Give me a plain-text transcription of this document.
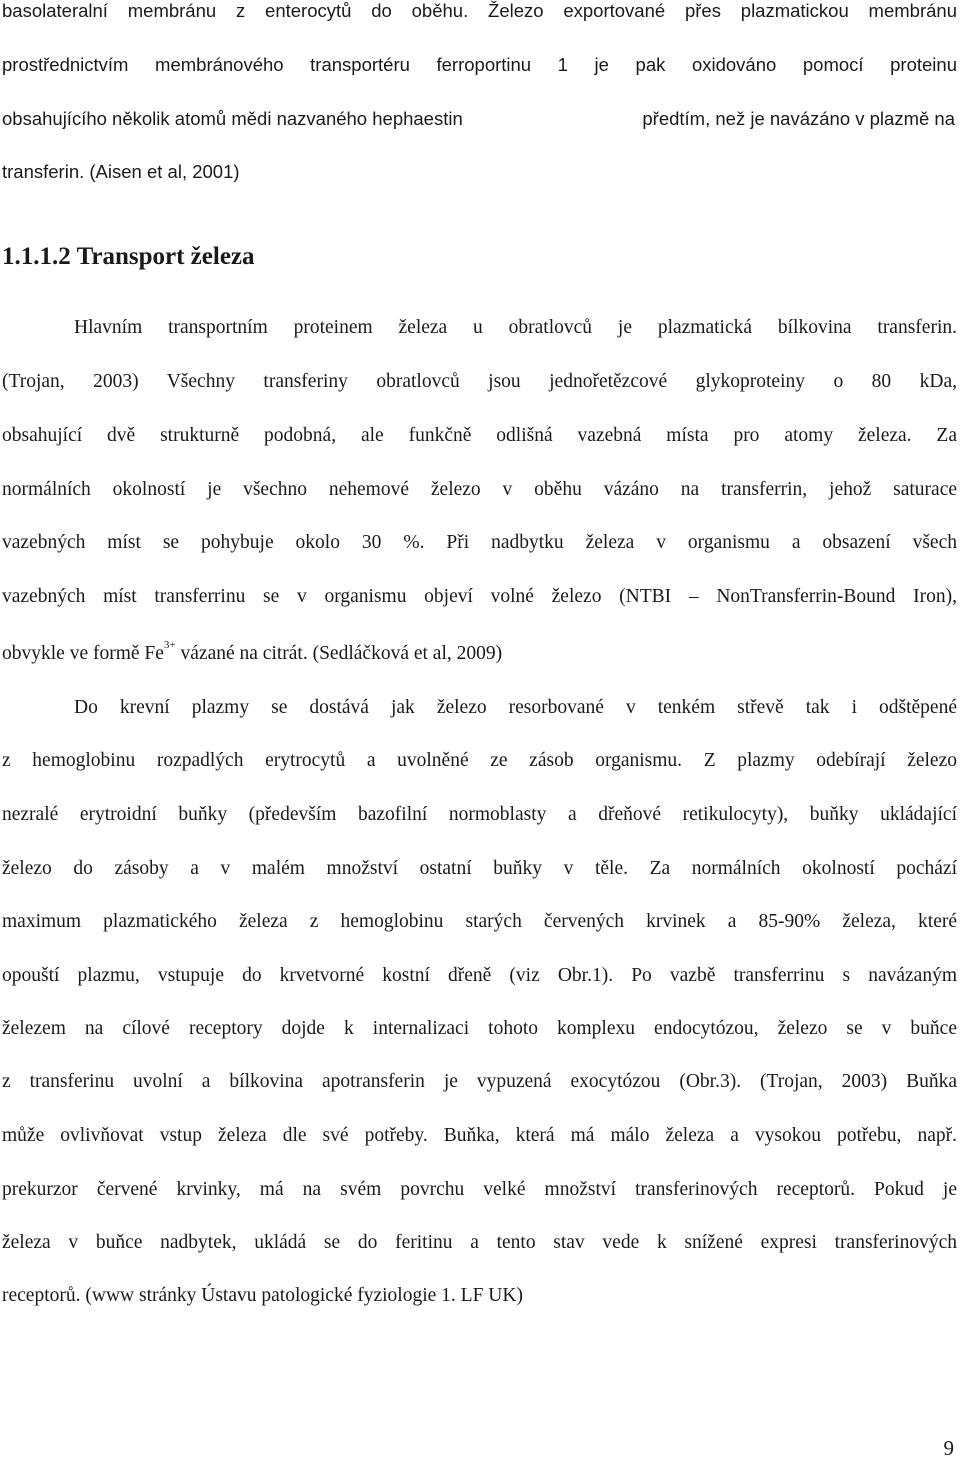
basolateralní membránu z enterocytů do oběhu. Železo exportované přes plazmatickou membránu
prostřednictvím membránového transportéru ferroportinu 1 je pak oxidováno pomocí proteinu
obsahujícího několik atomů mědi nazvaného hephaestin	předtím, než je navázáno v plazmě na
transferin. (Aisen et al, 2001)
1.1.1.2 Transport železa
Hlavním transportním proteinem železa u obratlovců je plazmatická bílkovina transferin.
(Trojan, 2003) Všechny transferiny obratlovců jsou jednořetězcové glykoproteiny o 80 kDa,
obsahující dvě strukturně podobná, ale funkčně odlišná vazebná místa pro atomy železa. Za
normálních okolností je všechno nehemové železo v oběhu vázáno na transferrin, jehož saturace
vazebných míst se pohybuje okolo 30 %. Při nadbytku železa v organismu a obsazení všech
vazebných míst transferrinu se v organismu objeví volné železo (NTBI – NonTransferrin-Bound Iron),
obvykle ve formě $Fe^{3+}$ vázané na citrát. (Sedláčková et al, 2009)
Do krevní plazmy se dostává jak železo resorbované v tenkém střevě tak i odštěpené
z hemoglobinu rozpadlých erytrocytů a uvolněné ze zásob organismu. Z plazmy odebírají železo
nezralé erytroidní buňky (především bazofilní normoblasty a dřeňové retikulocyty), buňky ukládající
železo do zásoby a v malém množství ostatní buňky v těle. Za normálních okolností pochází
maximum plazmatického železa z hemoglobinu starých červených krvinek a 85-90% železa, které
opouští plazmu, vstupuje do krvetvorné kostní dřeně (viz Obr.1). Po vazbě transferrinu s navázaným
železem na cílové receptory dojde k internalizaci tohoto komplexu endocytózou, železo se v buňce
z transferinu uvolní a bílkovina apotransferin je vypuzená exocytózou (Obr.3). (Trojan, 2003) Buňka
může ovlivňovat vstup železa dle své potřeby. Buňka, která má málo železa a vysokou potřebu, např.
prekurzor červené krvinky, má na svém povrchu velké množství transferinových receptorů. Pokud je
železa v buňce nadbytek, ukládá se do feritinu a tento stav vede k snížené expresi transferinových
receptorů. (www stránky Ústavu patologické fyziologie 1. LF UK)
9
